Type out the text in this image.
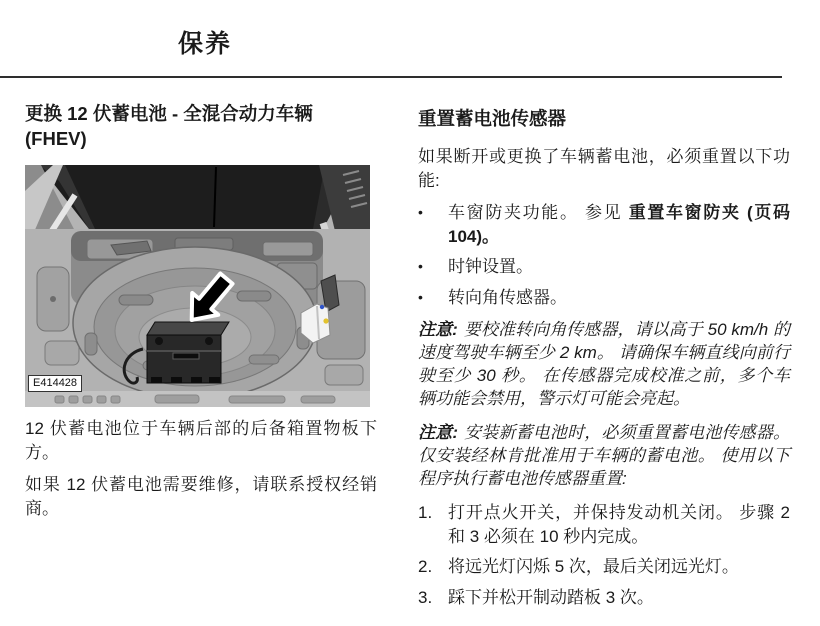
保养
更换 12 伏蓄电池 - 全混合动力车辆
(FHEV)
E414428

12 伏蓄电池位于车辆后部的后备箱置物板下方。

如果 12 伏蓄电池需要维修，请联系授权经销商。

重置蓄电池传感器

如果断开或更换了车辆蓄电池，必须重置以下功能:

•	车窗防夹功能。 参见 重置车窗防夹 (页码 104)。
•	时钟设置。
•	转向角传感器。

注意: 要校准转向角传感器，请以高于 50 km/h 的速度驾驶车辆至少 2 km。 请确保车辆直线向前行驶至少 30 秒。 在传感器完成校准之前，多个车辆功能会禁用，警示灯可能会亮起。

注意: 安装新蓄电池时，必须重置蓄电池传感器。 仅安装经林肯批准用于车辆的蓄电池。 使用以下程序执行蓄电池传感器重置:

1. 打开点火开关，并保持发动机关闭。 步骤 2 和 3 必须在 10 秒内完成。
2. 将远光灯闪烁 5 次，最后关闭远光灯。
3. 踩下并松开制动踏板 3 次。
